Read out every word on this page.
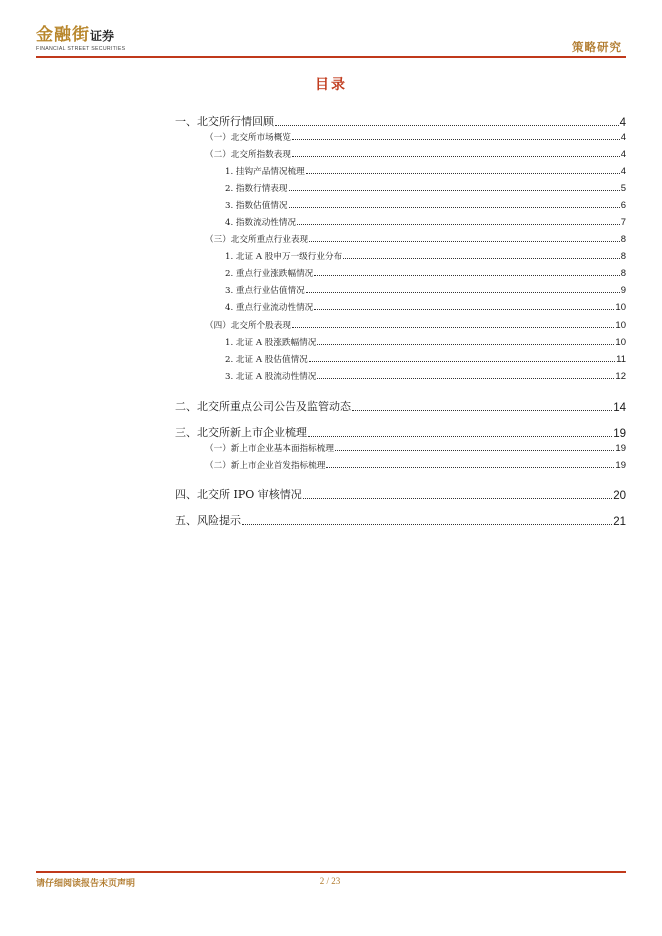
金融街证券
FINANCIAL STREET SECURITIES	策略研究
目录
一、北交所行情回顾	4
（一）北交所市场概览	4
（二）北交所指数表现	4
1. 挂钩产品情况梳理	4
2. 指数行情表现	5
3. 指数估值情况	6
4. 指数流动性情况	7
（三）北交所重点行业表现	8
1. 北证 A 股申万一级行业分布	8
2. 重点行业涨跌幅情况	8
3. 重点行业估值情况	9
4. 重点行业流动性情况	10
（四）北交所个股表现	10
1. 北证 A 股涨跌幅情况	10
2. 北证 A 股估值情况	11
3. 北证 A 股流动性情况	12
二、北交所重点公司公告及监管动态	14
三、北交所新上市企业梳理	19
（一）新上市企业基本面指标梳理	19
（二）新上市企业首发指标梳理	19
四、北交所 IPO 审核情况	20
五、风险提示	21
请仔细阅读报告末页声明	2 / 23
